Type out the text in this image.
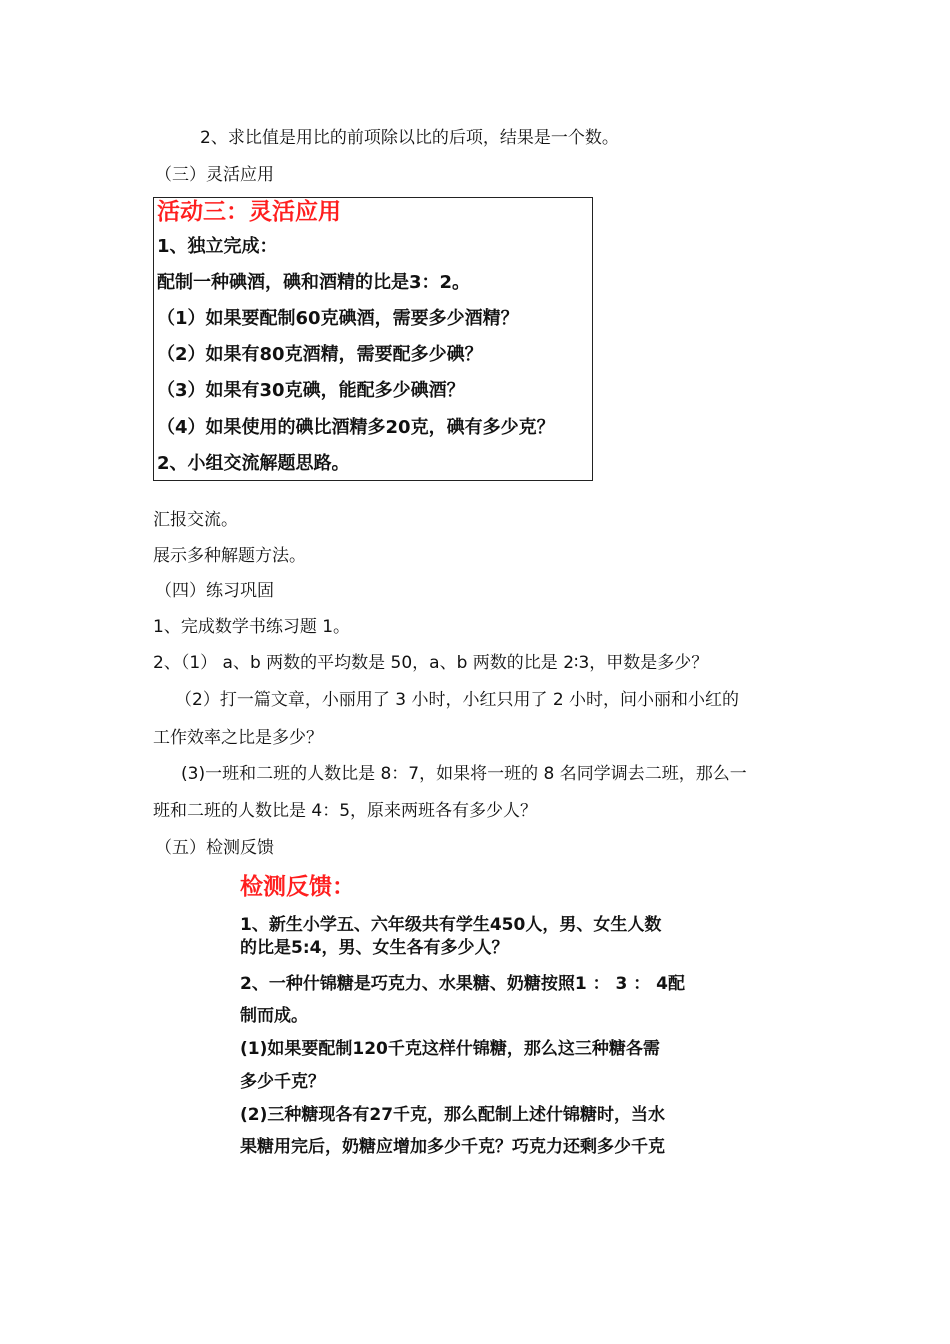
2、求比值是用比的前项除以比的后项，结果是一个数。
（三）灵活应用
活动三：灵活应用
1、独立完成：
配制一种碘酒，碘和酒精的比是3：2。
（1）如果要配制60克碘酒，需要多少酒精？
（2）如果有80克酒精，需要配多少碘？
（3）如果有30克碘，能配多少碘酒？
（4）如果使用的碘比酒精多20克，碘有多少克？
2、小组交流解题思路。
汇报交流。
展示多种解题方法。
（四）练习巩固
1、完成数学书练习题 1。
2、（1） a、b 两数的平均数是 50，a、b 两数的比是 2∶3，甲数是多少？
（2）打一篇文章，小丽用了 3 小时，小红只用了 2 小时，问小丽和小红的
工作效率之比是多少？
(3)一班和二班的人数比是 8：7，如果将一班的 8 名同学调去二班，那么一
班和二班的人数比是 4：5，原来两班各有多少人？
（五）检测反馈
检测反馈：
1、新生小学五、六年级共有学生450人，男、女生人数
的比是5:4，男、女生各有多少人？
2、一种什锦糖是巧克力、水果糖、奶糖按照1 ： 3 ： 4配
制而成。
(1)如果要配制120千克这样什锦糖，那么这三种糖各需
多少千克？
(2)三种糖现各有27千克，那么配制上述什锦糖时，当水
果糖用完后，奶糖应增加多少千克？巧克力还剩多少千克
